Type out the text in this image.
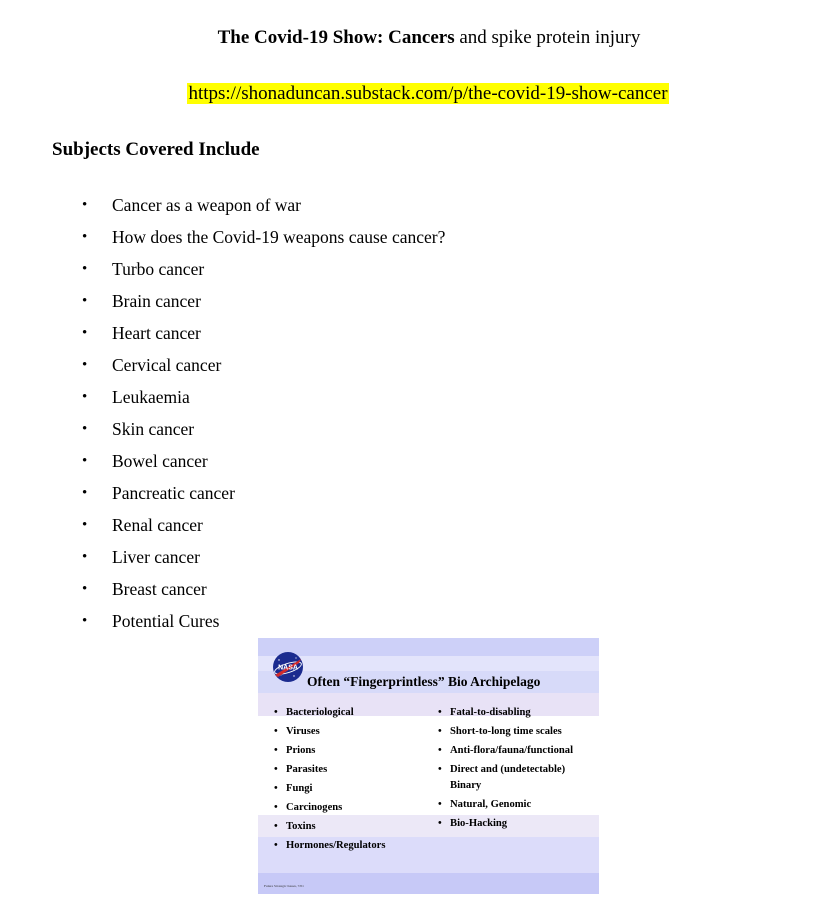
The Covid-19 Show: Cancers and spike protein injury
https://shonaduncan.substack.com/p/the-covid-19-show-cancer
Subjects Covered Include
• Cancer as a weapon of war
• How does the Covid-19 weapons cause cancer?
• Turbo cancer
• Brain cancer
• Heart cancer
• Cervical cancer
• Leukaemia
• Skin cancer
• Bowel cancer
• Pancreatic cancer
• Renal cancer
• Liver cancer
• Breast cancer
• Potential Cures
NASA
Often “Fingerprintless” Bio Archipelago
• Bacteriological
• Viruses
• Prions
• Parasites
• Fungi
• Carcinogens
• Toxins
• Hormones/Regulators
• Fatal-to-disabling
• Short-to-long time scales
• Anti-flora/fauna/functional
• Direct and (undetectable) Binary
• Natural, Genomic
• Bio-Hacking
Future Strategic Issues, 7/01
